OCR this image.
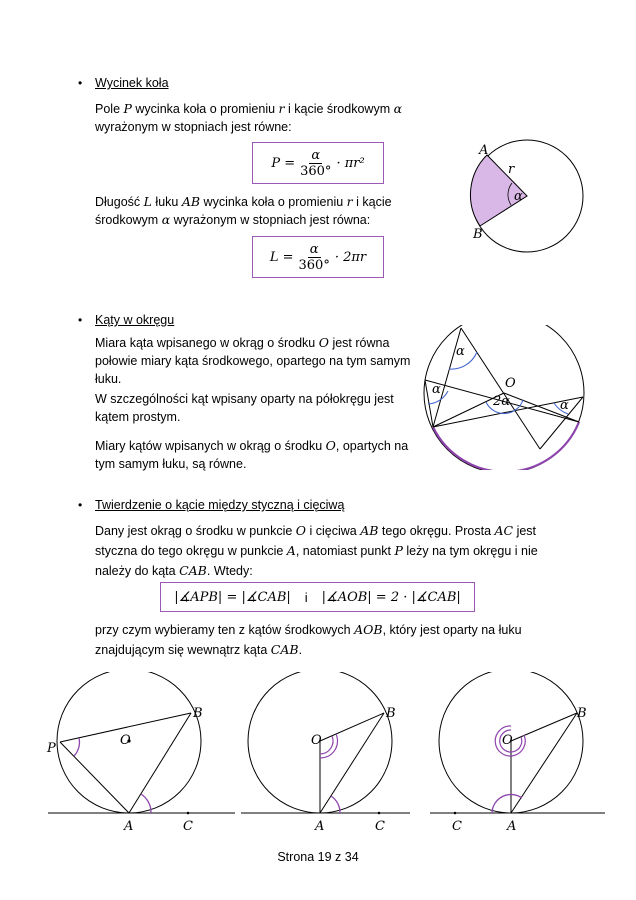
• Wycinek koła
Pole P wycinka koła o promieniu r i kącie środkowym α wyrażonym w stopniach jest równe:
$P = \frac{\alpha}{360^\circ} \cdot \pi r^2$
Długość L łuku AB wycinka koła o promieniu r i kącie środkowym α wyrażonym w stopniach jest równa:
$L = \frac{\alpha}{360^\circ} \cdot 2\pi r$
A
B
r
α
• Kąty w okręgu
Miara kąta wpisanego w okrąg o środku O jest równa połowie miary kąta środkowego, opartego na tym samym łuku.
W szczególności kąt wpisany oparty na półokręgu jest kątem prostym.
Miary kątów wpisanych w okrąg o środku O, opartych na tym samym łuku, są równe.
α
α
α
O
2α
• Twierdzenie o kącie między styczną i cięciwą
Dany jest okrąg o środku w punkcie O i cięciwa AB tego okręgu. Prosta AC jest styczna do tego okręgu w punkcie A, natomiast punkt P leży na tym okręgu i nie należy do kąta CAB. Wtedy:
|∡APB| = |∡CAB| i |∡AOB| = 2 · |∡CAB|
przy czym wybieramy ten z kątów środkowych AOB, który jest oparty na łuku znajdującym się wewnątrz kąta CAB.
P
O
A
B
C
O
A
B
C
O
A
B
C
Strona 19 z 34
